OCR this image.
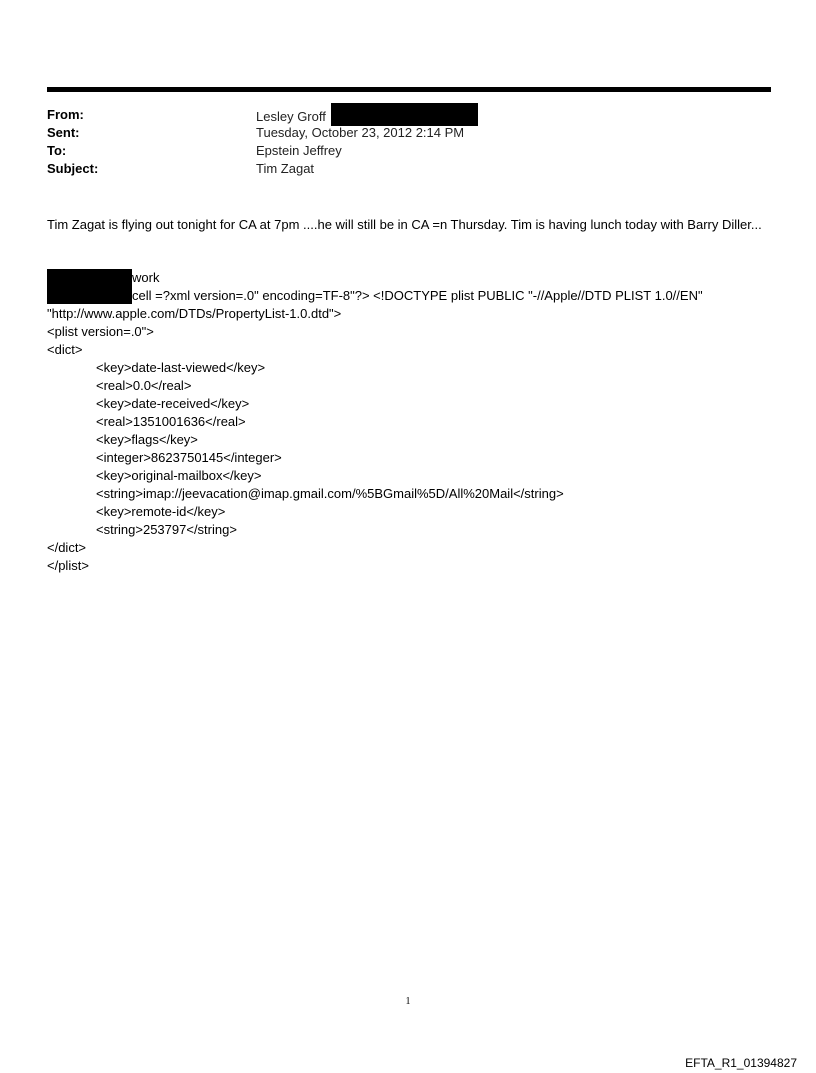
From:	Lesley Groff
Sent:	Tuesday, October 23, 2012 2:14 PM
To:	Epstein Jeffrey
Subject:	Tim Zagat
Tim Zagat is flying out tonight for CA at 7pm ....he will still be in CA =n Thursday. Tim is having lunch today with Barry Diller...
work
cell =?xml version=.0" encoding=TF-8"?> <!DOCTYPE plist PUBLIC "-//Apple//DTD PLIST 1.0//EN"
"http://www.apple.com/DTDs/PropertyList-1.0.dtd">
<plist version=.0">
<dict>
<key>date-last-viewed</key>
<real>0.0</real>
<key>date-received</key>
<real>1351001636</real>
<key>flags</key>
<integer>8623750145</integer>
<key>original-mailbox</key>
<string>imap://jeevacation@imap.gmail.com/%5BGmail%5D/All%20Mail</string>
<key>remote-id</key>
<string>253797</string>
</dict>
</plist>
1
EFTA_R1_01394827
